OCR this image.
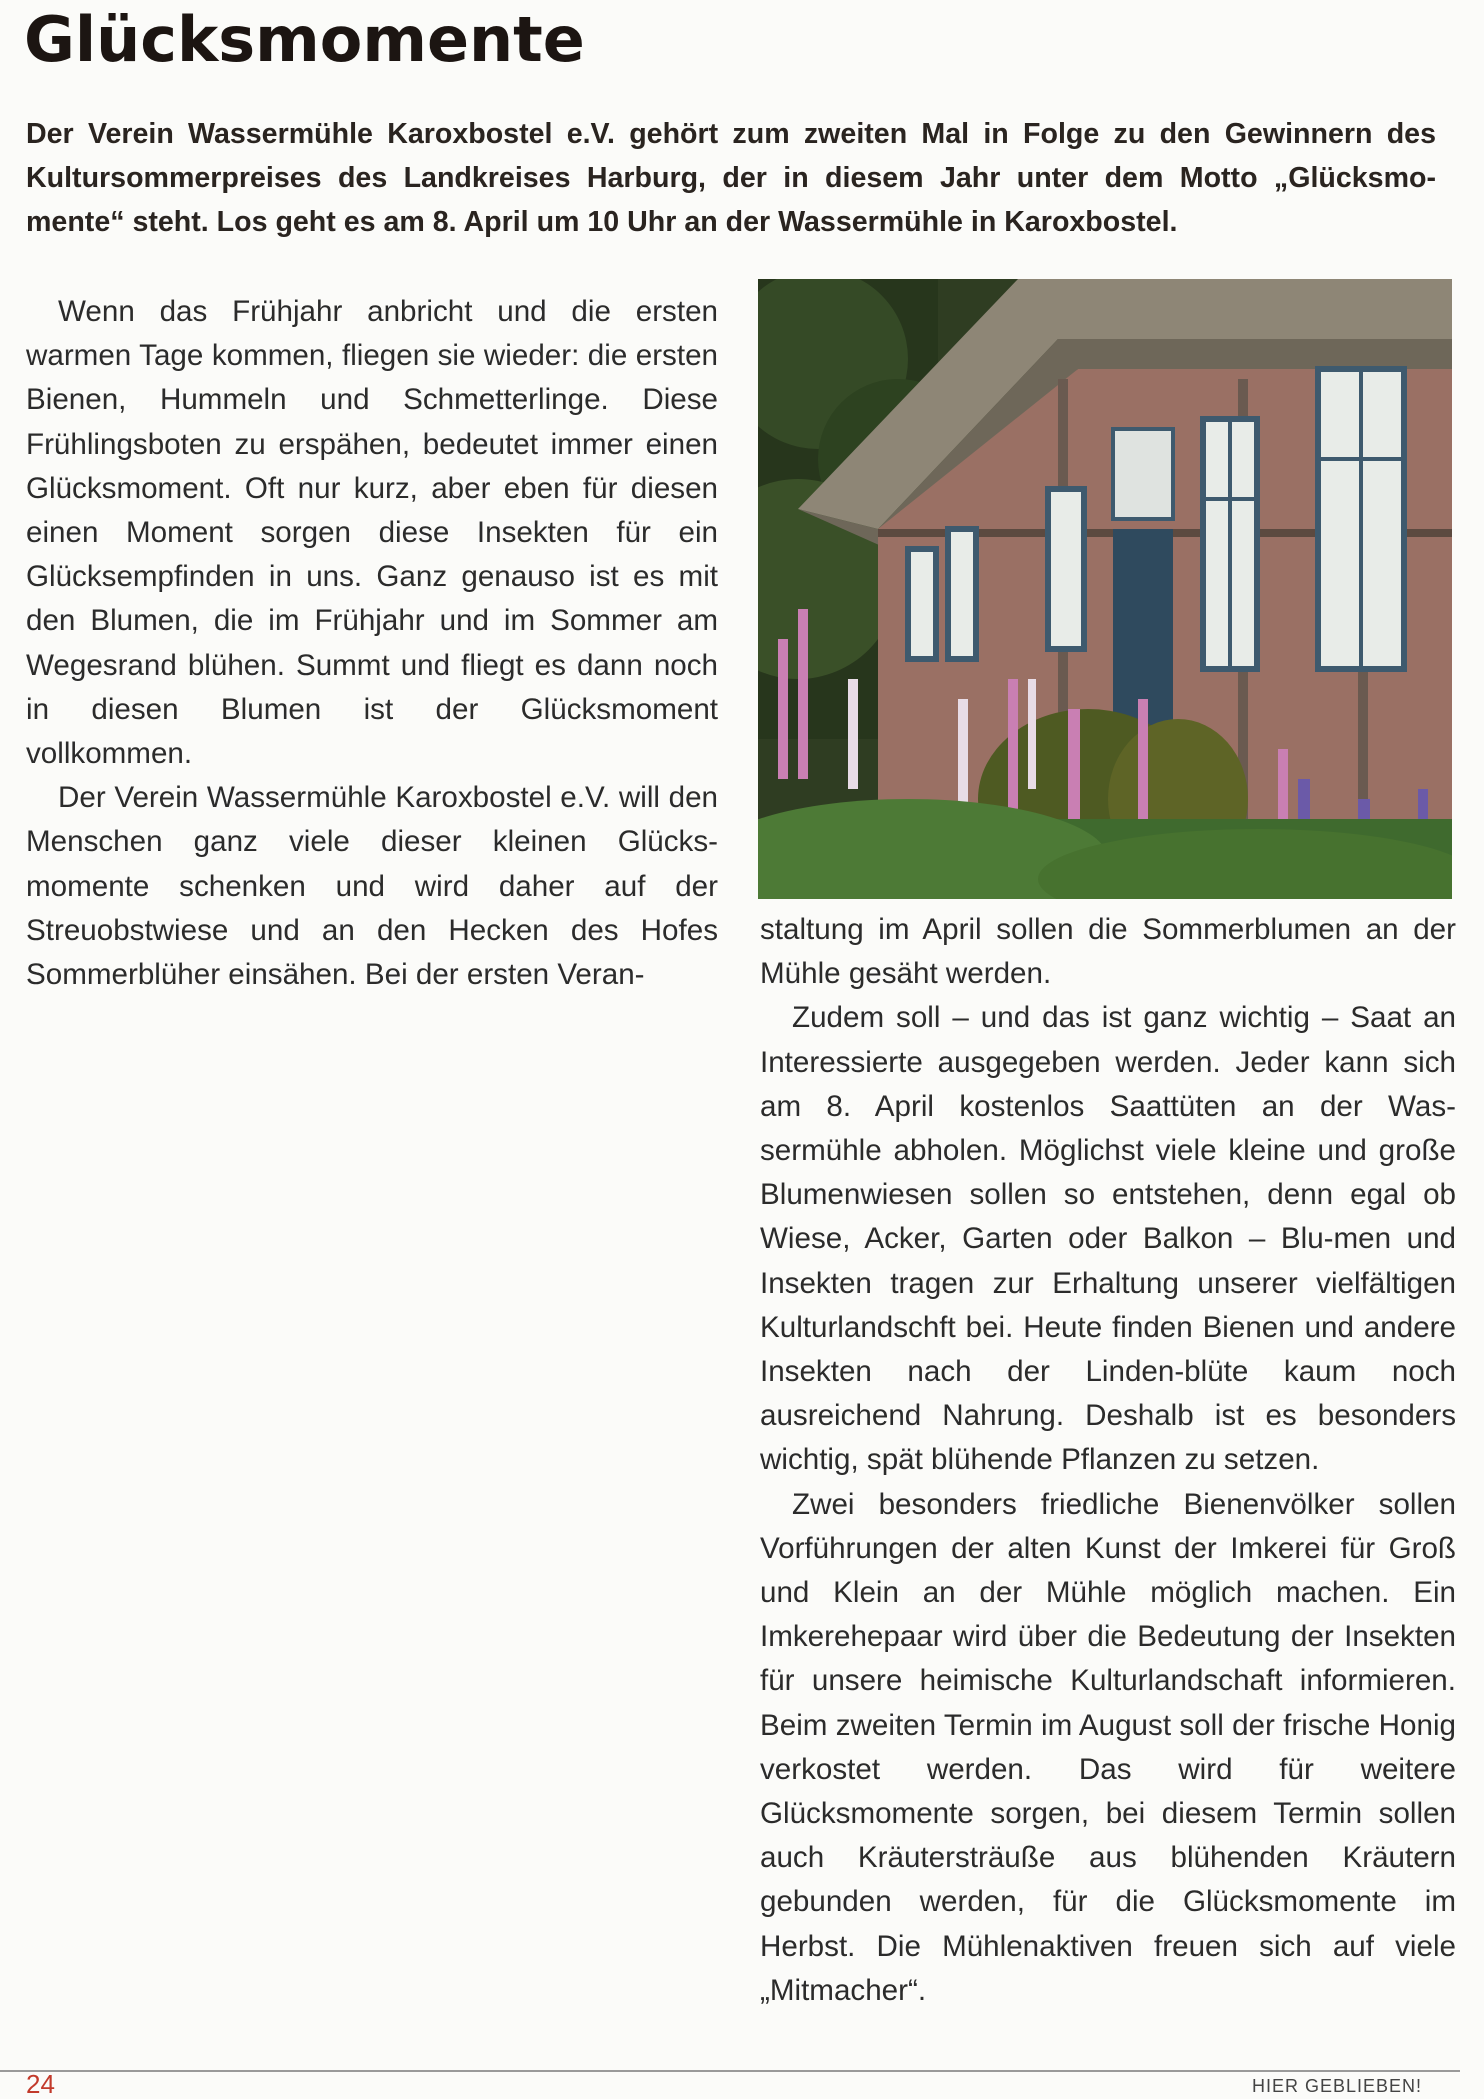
Glücksmomente

Der Verein Wassermühle Karoxbostel e.V. gehört zum zweiten Mal in Folge zu den Gewinnern des Kultursommerpreises des Landkreises Harburg, der in diesem Jahr unter dem Motto „Glücksmo-mente“ steht. Los geht es am 8. April um 10 Uhr an der Wassermühle in Karoxbostel.

Wenn das Frühjahr anbricht und die ersten warmen Tage kommen, fliegen sie wieder: die ersten Bienen, Hummeln und Schmetterlinge. Diese Frühlingsboten zu erspähen, bedeutet immer einen Glücksmoment. Oft nur kurz, aber eben für diesen einen Moment sorgen diese Insekten für ein Glücksempfinden in uns. Ganz genauso ist es mit den Blumen, die im Frühjahr und im Sommer am Wegesrand blühen. Summt und fliegt es dann noch in diesen Blumen ist der Glücksmoment vollkommen.

Der Verein Wassermühle Karoxbostel e.V. will den Menschen ganz viele dieser kleinen Glücks-momente schenken und wird daher auf der Streuobstwiese und an den Hecken des Hofes Sommerblüher einsähen. Bei der ersten Veran-

staltung im April sollen die Sommerblumen an der Mühle gesäht werden.

Zudem soll – und das ist ganz wichtig – Saat an Interessierte ausgegeben werden. Jeder kann sich am 8. April kostenlos Saattüten an der Was-sermühle abholen. Möglichst viele kleine und große Blumenwiesen sollen so entstehen, denn egal ob Wiese, Acker, Garten oder Balkon – Blu-men und Insekten tragen zur Erhaltung unserer vielfältigen Kulturlandschft bei. Heute finden Bienen und andere Insekten nach der Linden-blüte kaum noch ausreichend Nahrung. Deshalb ist es besonders wichtig, spät blühende Pflanzen zu setzen.

Zwei besonders friedliche Bienenvölker sollen Vorführungen der alten Kunst der Imkerei für Groß und Klein an der Mühle möglich machen. Ein Imkerehepaar wird über die Bedeutung der Insekten für unsere heimische Kulturlandschaft informieren. Beim zweiten Termin im August soll der frische Honig verkostet werden. Das wird für weitere Glücksmomente sorgen, bei diesem Termin sollen auch Kräutersträuße aus blühenden Kräutern gebunden werden, für die Glücksmomente im Herbst. Die Mühlenaktiven freuen sich auf viele „Mitmacher“.

24	HIER GEBLIEBEN!
